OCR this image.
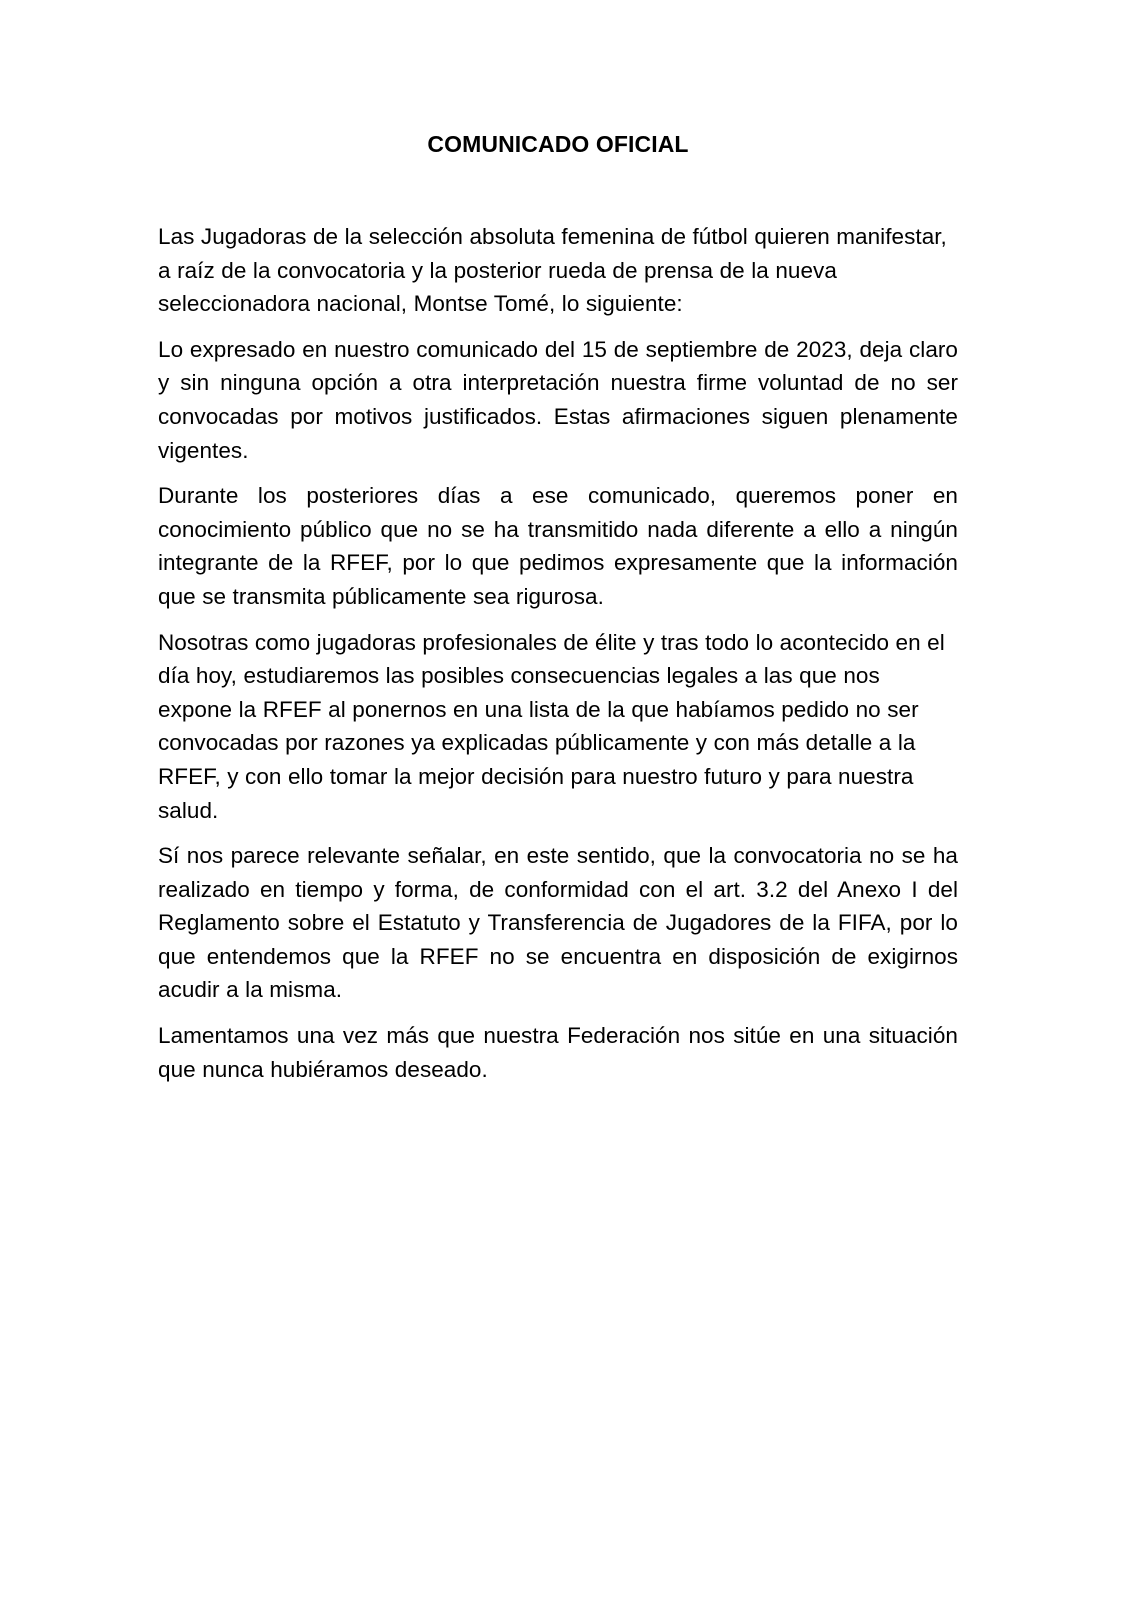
COMUNICADO OFICIAL

Las Jugadoras de la selección absoluta femenina de fútbol quieren manifestar, a raíz de la convocatoria y la posterior rueda de prensa de la nueva seleccionadora nacional, Montse Tomé, lo siguiente:

Lo expresado en nuestro comunicado del 15 de septiembre de 2023, deja claro y sin ninguna opción a otra interpretación nuestra firme voluntad de no ser convocadas por motivos justificados. Estas afirmaciones siguen plenamente vigentes.

Durante los posteriores días a ese comunicado, queremos poner en conocimiento público que no se ha transmitido nada diferente a ello a ningún integrante de la RFEF, por lo que pedimos expresamente que la información que se transmita públicamente sea rigurosa.

Nosotras como jugadoras profesionales de élite y tras todo lo acontecido en el día hoy, estudiaremos las posibles consecuencias legales a las que nos expone la RFEF al ponernos en una lista de la que habíamos pedido no ser convocadas por razones ya explicadas públicamente y con más detalle a la RFEF, y con ello tomar la mejor decisión para nuestro futuro y para nuestra salud.

Sí nos parece relevante señalar, en este sentido, que la convocatoria no se ha realizado en tiempo y forma, de conformidad con el art. 3.2 del Anexo I del Reglamento sobre el Estatuto y Transferencia de Jugadores de la FIFA, por lo que entendemos que la RFEF no se encuentra en disposición de exigirnos acudir a la misma.

Lamentamos una vez más que nuestra Federación nos sitúe en una situación que nunca hubiéramos deseado.
